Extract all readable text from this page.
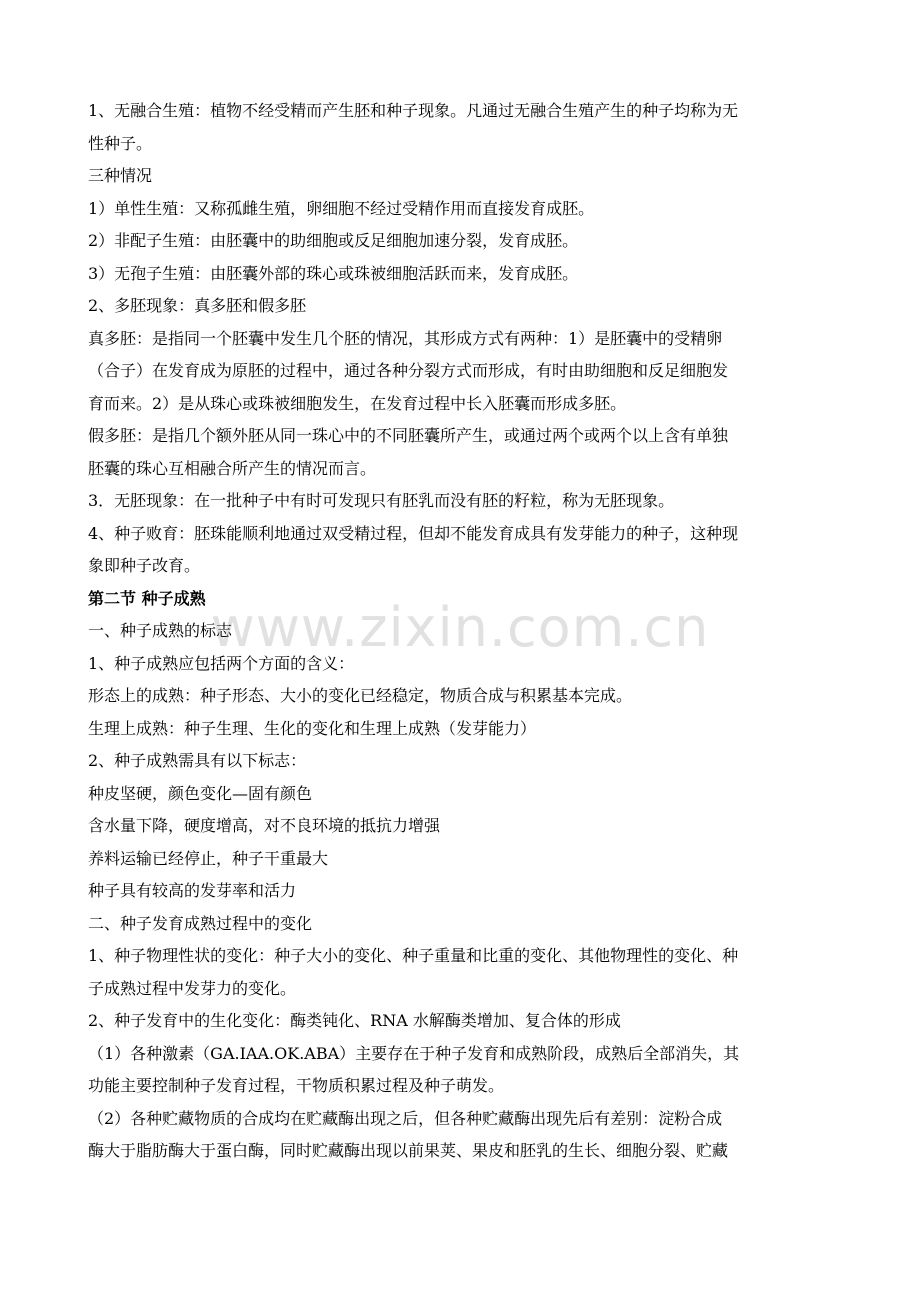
1、无融合生殖：植物不经受精而产生胚和种子现象。凡通过无融合生殖产生的种子均称为无
性种子。
三种情况
1）单性生殖：又称孤雌生殖，卵细胞不经过受精作用而直接发育成胚。
2）非配子生殖：由胚囊中的助细胞或反足细胞加速分裂，发育成胚。
3）无孢子生殖：由胚囊外部的珠心或珠被细胞活跃而来，发育成胚。
2、多胚现象：真多胚和假多胚
真多胚：是指同一个胚囊中发生几个胚的情况，其形成方式有两种：1）是胚囊中的受精卵
（合子）在发育成为原胚的过程中，通过各种分裂方式而形成，有时由助细胞和反足细胞发
育而来。2）是从珠心或珠被细胞发生，在发育过程中长入胚囊而形成多胚。
假多胚：是指几个额外胚从同一珠心中的不同胚囊所产生，或通过两个或两个以上含有单独
胚囊的珠心互相融合所产生的情况而言。
3．无胚现象：在一批种子中有时可发现只有胚乳而没有胚的籽粒，称为无胚现象。
4、种子败育：胚珠能顺利地通过双受精过程，但却不能发育成具有发芽能力的种子，这种现
象即种子改育。
第二节 种子成熟
一、种子成熟的标志
1、种子成熟应包括两个方面的含义：
形态上的成熟：种子形态、大小的变化已经稳定，物质合成与积累基本完成。
生理上成熟：种子生理、生化的变化和生理上成熟（发芽能力）
2、种子成熟需具有以下标志：
种皮坚硬，颜色变化—固有颜色
含水量下降，硬度增高，对不良环境的抵抗力增强
养料运输已经停止，种子干重最大
种子具有较高的发芽率和活力
二、种子发育成熟过程中的变化
1、种子物理性状的变化：种子大小的变化、种子重量和比重的变化、其他物理性的变化、种
子成熟过程中发芽力的变化。
2、种子发育中的生化变化：酶类钝化、RNA 水解酶类增加、复合体的形成
（1）各种激素（GA.IAA.OK.ABA）主要存在于种子发育和成熟阶段，成熟后全部消失，其
功能主要控制种子发育过程，干物质积累过程及种子萌发。
（2）各种贮藏物质的合成均在贮藏酶出现之后，但各种贮藏酶出现先后有差别：淀粉合成
酶大于脂肪酶大于蛋白酶，同时贮藏酶出现以前果荚、果皮和胚乳的生长、细胞分裂、贮藏
www.zixin.com.cn
